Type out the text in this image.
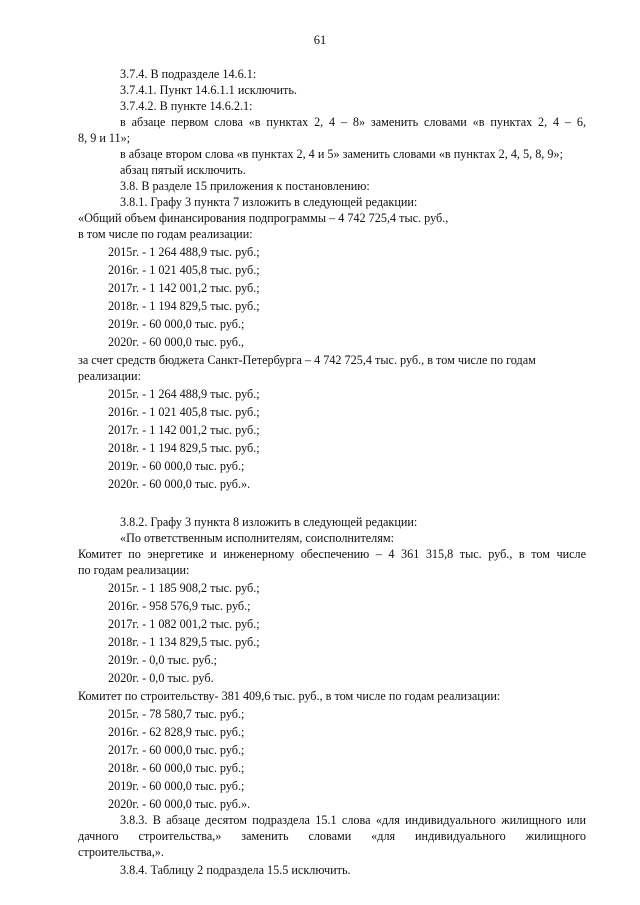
61
3.7.4. В подразделе 14.6.1:
3.7.4.1. Пункт 14.6.1.1 исключить.
3.7.4.2. В пункте 14.6.2.1:
в абзаце первом слова «в пунктах 2, 4 – 8» заменить словами «в пунктах 2, 4 – 6,
8, 9 и 11»;
в абзаце втором слова «в пунктах 2, 4 и 5» заменить словами «в пунктах 2, 4, 5, 8, 9»;
абзац пятый исключить.
3.8. В разделе 15 приложения к постановлению:
3.8.1. Графу 3 пункта 7 изложить в следующей редакции:
«Общий объем финансирования подпрограммы – 4 742 725,4 тыс. руб.,
в том числе по годам реализации:
2015г. - 1 264 488,9 тыс. руб.;
2016г. - 1 021 405,8 тыс. руб.;
2017г. - 1 142 001,2 тыс. руб.;
2018г. - 1 194 829,5 тыс. руб.;
2019г. - 60 000,0 тыс. руб.;
2020г. - 60 000,0 тыс. руб.,
за счет средств бюджета Санкт-Петербурга – 4 742 725,4 тыс. руб., в том числе по годам
реализации:
2015г. - 1 264 488,9 тыс. руб.;
2016г. - 1 021 405,8 тыс. руб.;
2017г. - 1 142 001,2 тыс. руб.;
2018г. - 1 194 829,5 тыс. руб.;
2019г. - 60 000,0 тыс. руб.;
2020г. - 60 000,0 тыс. руб.».
3.8.2. Графу 3 пункта 8 изложить в следующей редакции:
«По ответственным исполнителям, соисполнителям:
Комитет по энергетике и инженерному обеспечению – 4 361 315,8 тыс. руб., в том числе
по годам реализации:
2015г. - 1 185 908,2 тыс. руб.;
2016г. - 958 576,9 тыс. руб.;
2017г. - 1 082 001,2 тыс. руб.;
2018г. - 1 134 829,5 тыс. руб.;
2019г. - 0,0 тыс. руб.;
2020г. - 0,0 тыс. руб.
Комитет по строительству- 381 409,6 тыс. руб., в том числе по годам реализации:
2015г. - 78 580,7 тыс. руб.;
2016г. - 62 828,9 тыс. руб.;
2017г. - 60 000,0 тыс. руб.;
2018г. - 60 000,0 тыс. руб.;
2019г. - 60 000,0 тыс. руб.;
2020г. - 60 000,0 тыс. руб.».
3.8.3. В абзаце десятом подраздела 15.1 слова «для индивидуального жилищного или
дачного строительства,» заменить словами «для индивидуального жилищного
строительства,».
3.8.4. Таблицу 2 подраздела 15.5 исключить.
